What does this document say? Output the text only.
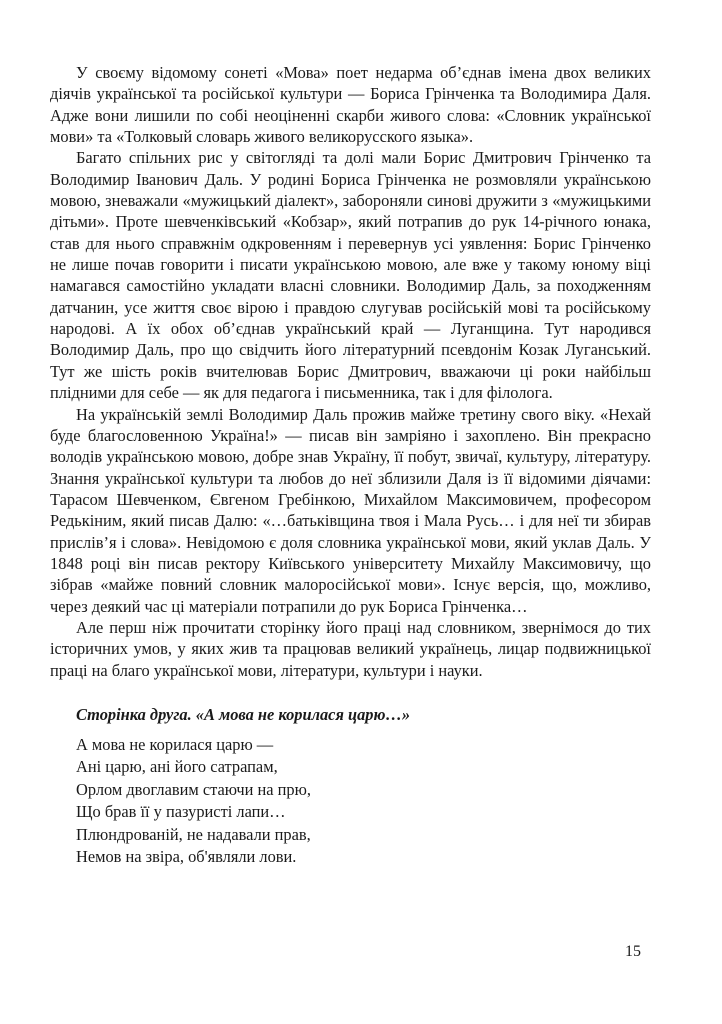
У своєму відомому сонеті «Мова» поет недарма об’єднав імена двох великих діячів української та російської культури — Бориса Грінченка та Володимира Даля. Адже вони лишили по собі неоціненні скарби живого слова: «Словник української мови» та «Толковый словарь живого великорусского языка».

Багато спільних рис у світогляді та долі мали Борис Дмитрович Грінченко та Володимир Іванович Даль. У родині Бориса Грінченка не розмовляли українською мовою, зневажали «мужицький діалект», забороняли синові дружити з «мужицькими дітьми». Проте шевченківський «Кобзар», який потрапив до рук 14-річного юнака, став для нього справжнім одкровенням і перевернув усі уявлення: Борис Грінченко не лише почав говорити і писати українською мовою, але вже у такому юному віці намагався самостійно укладати власні словники. Володимир Даль, за походженням датчанин, усе життя своє вірою і правдою слугував російській мові та російському народові. А їх обох об’єднав український край — Луганщина. Тут народився Володимир Даль, про що свідчить його літературний псевдонім Козак Луганський. Тут же шість років вчителював Борис Дмитрович, вважаючи ці роки найбільш плідними для себе — як для педагога і письменника, так і для філолога.

На українській землі Володимир Даль прожив майже третину свого віку. «Нехай буде благословенною Україна!» — писав він замріяно і захоплено. Він прекрасно володів українською мовою, добре знав Україну, її побут, звичаї, культуру, літературу. Знання української культури та любов до неї зблизили Даля із її відомими діячами: Тарасом Шевченком, Євгеном Гребінкою, Михайлом Максимовичем, професором Редькіним, який писав Далю: «…батьківщина твоя і Мала Русь… і для неї ти збирав прислів’я і слова». Невідомою є доля словника української мови, який уклав Даль. У 1848 році він писав ректору Київського університету Михайлу Максимовичу, що зібрав «майже повний словник малоросійської мови». Існує версія, що, можливо, через деякий час ці матеріали потрапили до рук Бориса Грінченка…

Але перш ніж прочитати сторінку його праці над словником, звернімося до тих історичних умов, у яких жив та працював великий українець, лицар подвижницької праці на благо української мови, літератури, культури і науки.

Сторінка друга. «А мова не корилася царю…»
А мова не корилася царю —
Ані царю, ані його сатрапам,
Орлом двоглавим стаючи на прю,
Що брав її у пазуристі лапи…
Плюндрованій, не надавали прав,
Немов на звіра, об'являли лови.
15
